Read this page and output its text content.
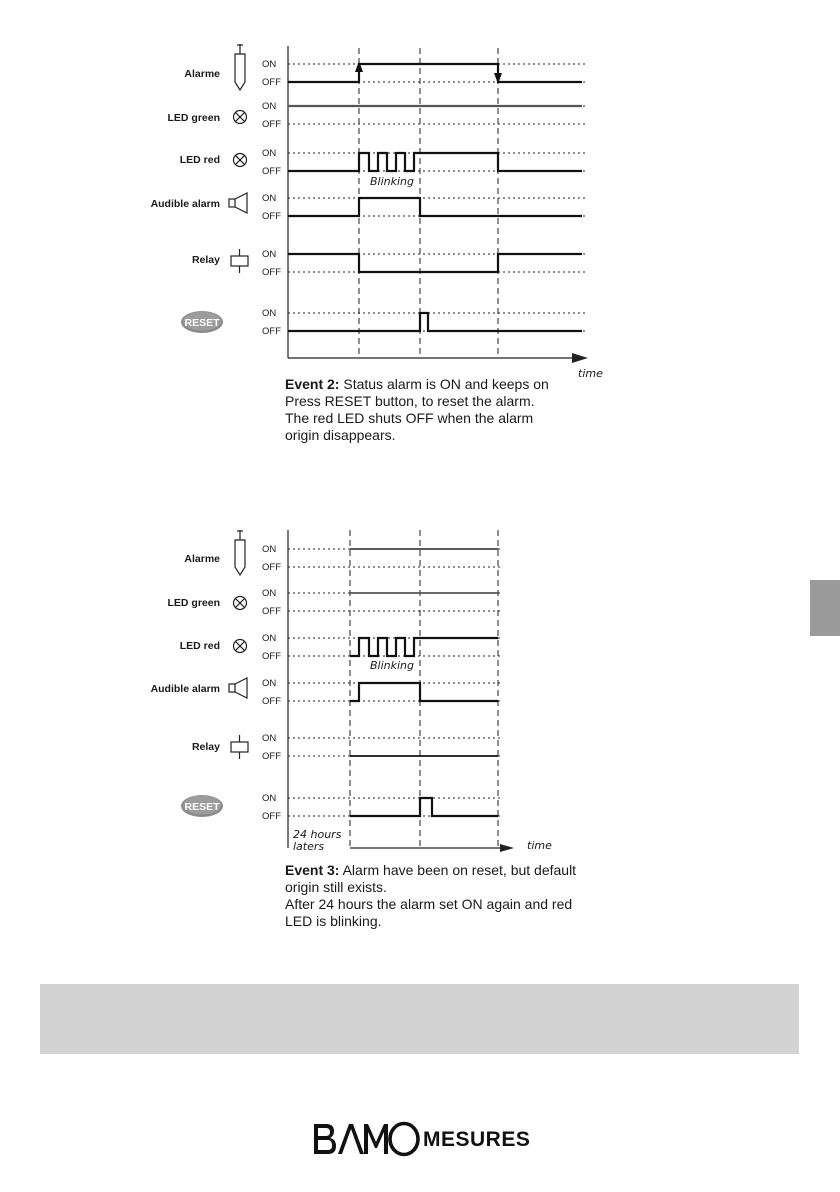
time
ON
OFF
ON
OFF
ON
OFF
ON
OFF
ON
OFF
ON
OFF
Alarme
LED green
LED red
Audible alarm
Relay
RESET
Blinking

Event 2: Status alarm is ON and keeps on

Press RESET button, to reset the alarm.

The red LED shuts OFF when the alarm

origin disappears.

time
24 hours
laters
ON
OFF
ON
OFF
ON
OFF
ON
OFF
ON
OFF
ON
OFF
Alarme
LED green
LED red
Audible alarm
Relay
RESET
Blinking

Event 3: Alarm have been on reset, but default

origin still exists.

After 24 hours the alarm set ON again and red

LED is blinking.

MESURES
